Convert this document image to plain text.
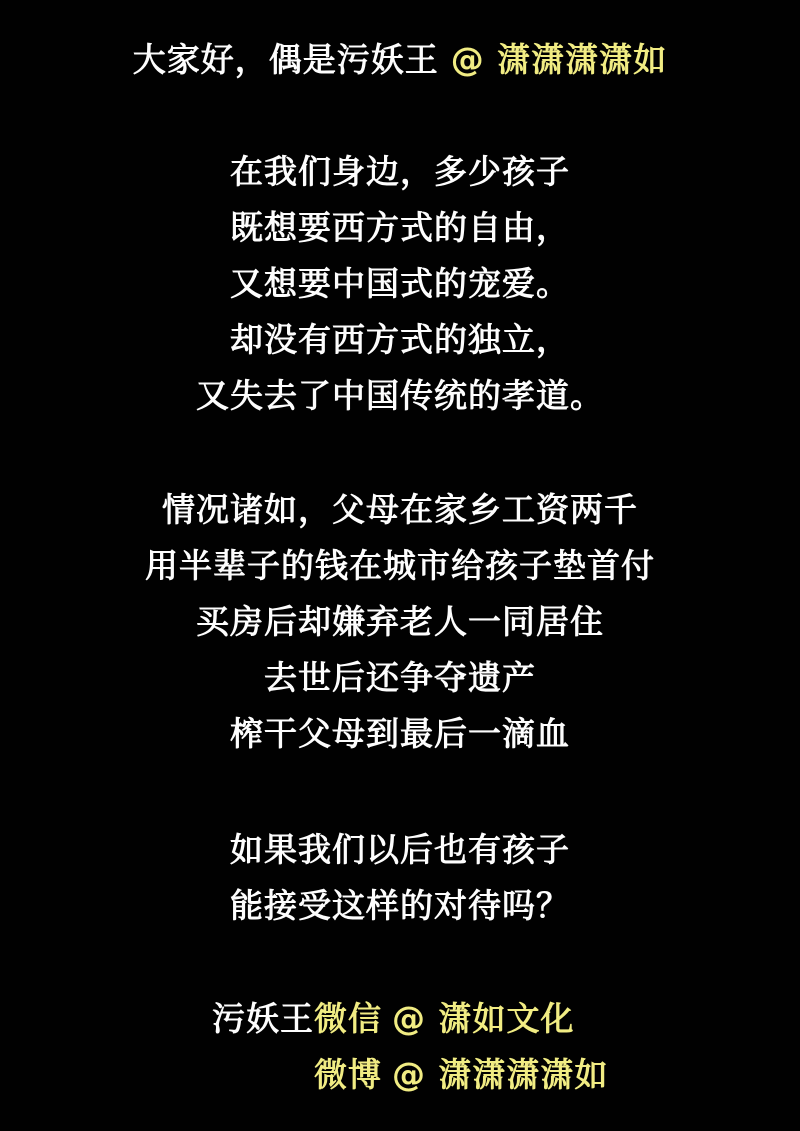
大家好，偶是污妖王 @ 潇潇潇潇如
在我们身边，多少孩子
既想要西方式的自由，
又想要中国式的宠爱。
却没有西方式的独立，
又失去了中国传统的孝道。
情况诸如，父母在家乡工资两千
用半辈子的钱在城市给孩子垫首付
买房后却嫌弃老人一同居住
去世后还争夺遗产
榨干父母到最后一滴血
如果我们以后也有孩子
能接受这样的对待吗？
污妖王微信 @ 潇如文化
微博 @ 潇潇潇潇如
